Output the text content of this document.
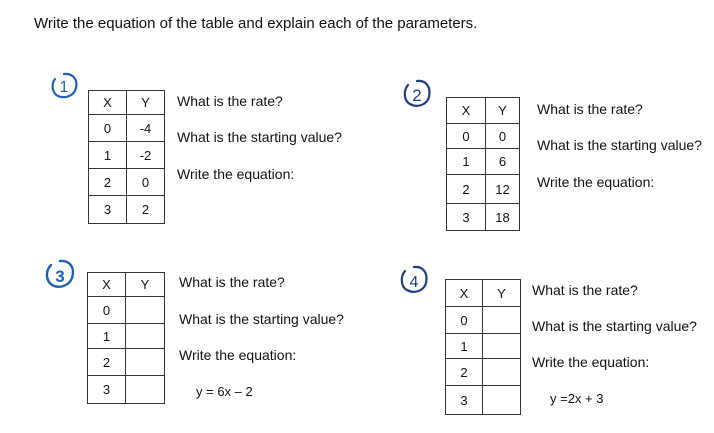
Write the equation of the table and explain each of the parameters.
1
X	Y
0	-4
1	-2
2	0
3	2
What is the rate?
What is the starting value?
Write the equation:
2
X	Y
0	0
1	6
2	12
3	18
What is the rate?
What is the starting value?
Write the equation:
3	X	Y
0	
1	
2	
3	
What is the rate?
What is the starting value?
Write the equation:
y = 6x – 2
4
X	Y
0	
1	
2	
3	
What is the rate?
What is the starting value?
Write the equation:
y =2x + 3
